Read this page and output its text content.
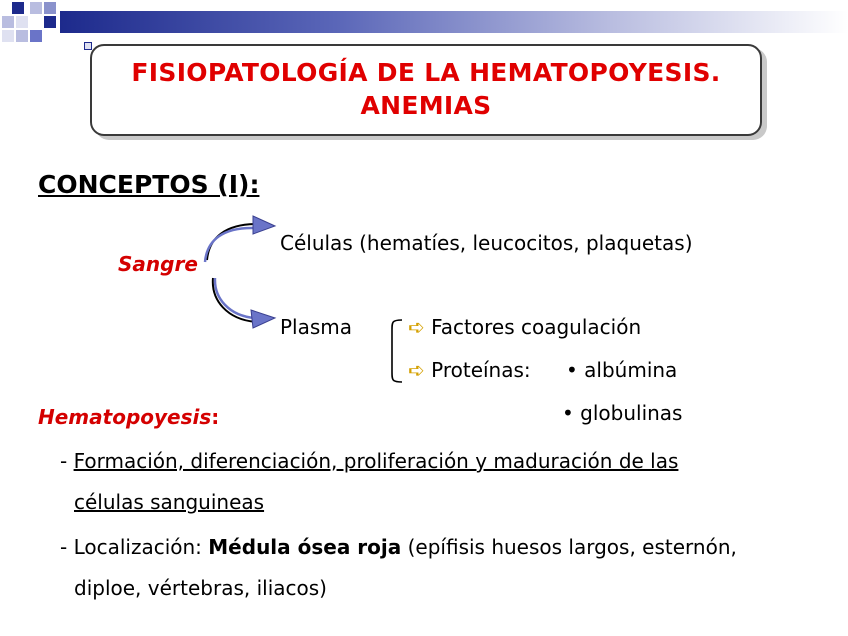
FISIOPATOLOGÍA DE LA HEMATOPOYESIS.
ANEMIAS
CONCEPTOS (I):
Sangre
Células (hematíes, leucocitos, plaquetas)
Plasma	➪ Factores coagulación
➪ Proteínas: • albúmina
• globulinas
Hematopoyesis:
- Formación, diferenciación, proliferación y maduración de las
células sanguineas
- Localización: Médula ósea roja (epífisis huesos largos, esternón,
diploe, vértebras, iliacos)
